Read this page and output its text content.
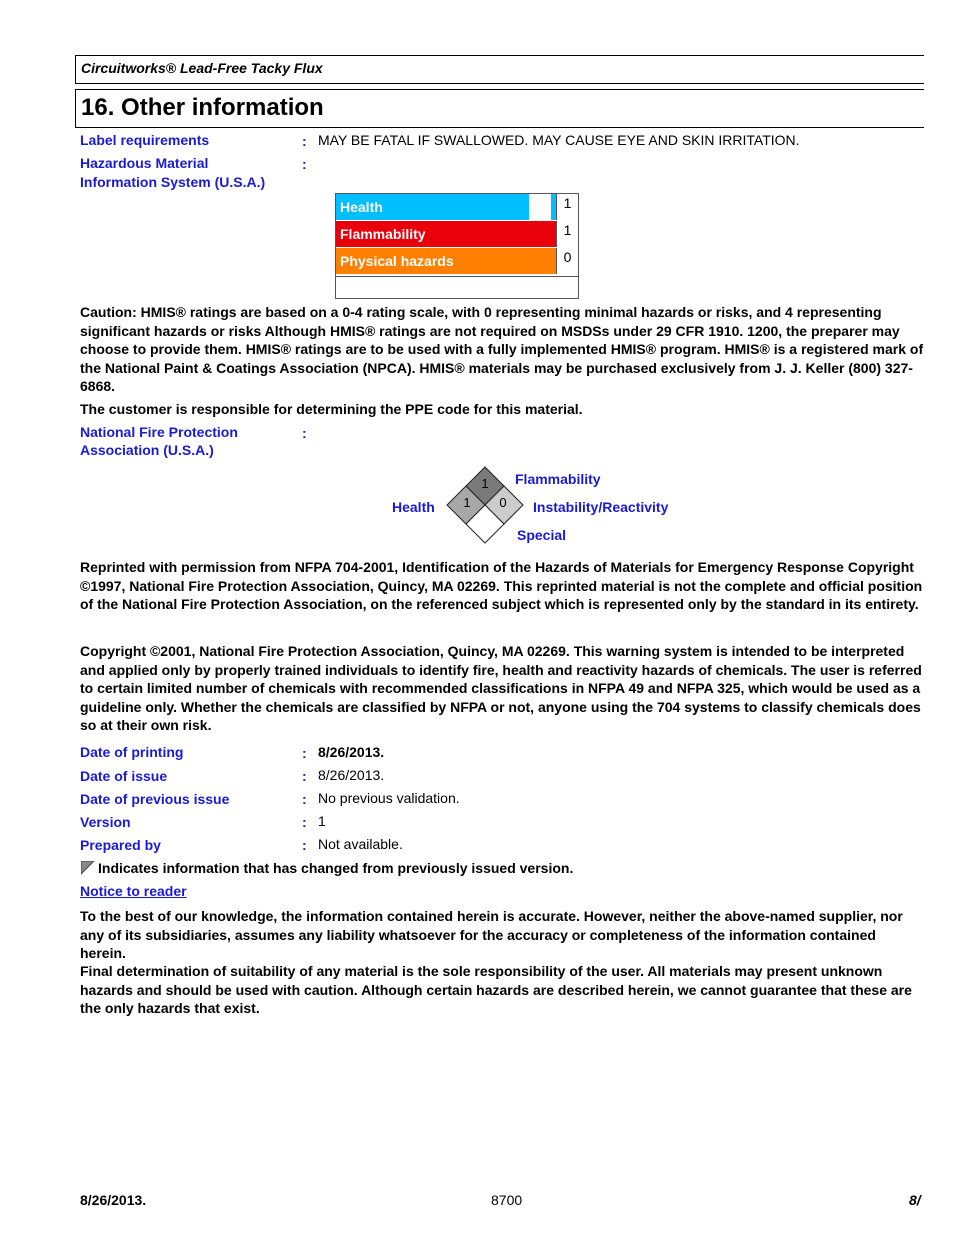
Circuitworks® Lead-Free Tacky Flux
16. Other information
Label requirements	: MAY BE FATAL IF SWALLOWED. MAY CAUSE EYE AND SKIN IRRITATION.
Hazardous Material
Information System (U.S.A.)
:
Health	1
Flammability	1
Physical hazards	0
Caution: HMIS® ratings are based on a 0-4 rating scale, with 0 representing minimal hazards or risks, and 4 representing significant hazards or risks Although HMIS® ratings are not required on MSDSs under 29 CFR 1910. 1200, the preparer may choose to provide them. HMIS® ratings are to be used with a fully implemented HMIS® program. HMIS® is a registered mark of the National Paint & Coatings Association (NPCA). HMIS® materials may be purchased exclusively from J. J. Keller (800) 327-6868.
The customer is responsible for determining the PPE code for this material.
National Fire Protection
Association (U.S.A.)
:
1
1 0
Flammability
Health	Instability/Reactivity
Special
Reprinted with permission from NFPA 704-2001, Identification of the Hazards of Materials for Emergency Response Copyright ©1997, National Fire Protection Association, Quincy, MA 02269. This reprinted material is not the complete and official position of the National Fire Protection Association, on the referenced subject which is represented only by the standard in its entirety.
Copyright ©2001, National Fire Protection Association, Quincy, MA 02269. This warning system is intended to be interpreted and applied only by properly trained individuals to identify fire, health and reactivity hazards of chemicals. The user is referred to certain limited number of chemicals with recommended classifications in NFPA 49 and NFPA 325, which would be used as a guideline only. Whether the chemicals are classified by NFPA or not, anyone using the 704 systems to classify chemicals does so at their own risk.
Date of printing	: 8/26/2013.
Date of issue	: 8/26/2013.
Date of previous issue	: No previous validation.
Version	: 1
Prepared by	: Not available.
Indicates information that has changed from previously issued version.
Notice to reader
To the best of our knowledge, the information contained herein is accurate. However, neither the above-named supplier, nor any of its subsidiaries, assumes any liability whatsoever for the accuracy or completeness of the information contained herein.
Final determination of suitability of any material is the sole responsibility of the user. All materials may present unknown hazards and should be used with caution. Although certain hazards are described herein, we cannot guarantee that these are the only hazards that exist.
8/26/2013.	8700	8/
